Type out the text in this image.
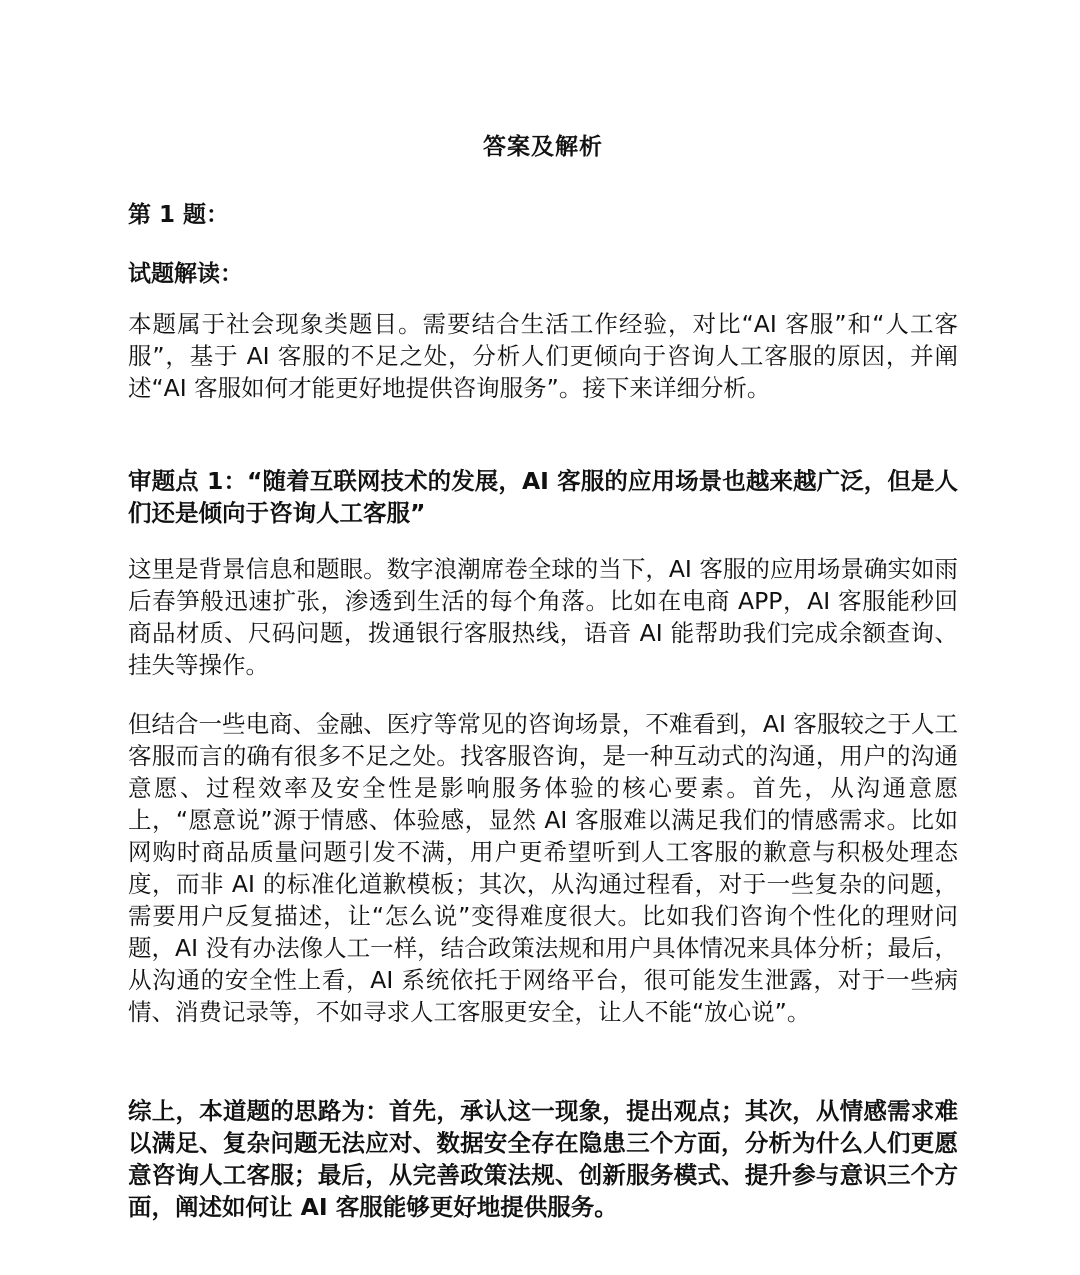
答案及解析
第 1 题：
试题解读：

本题属于社会现象类题目。需要结合生活工作经验，对比“AI 客服”和“人工客服”，基于 AI 客服的不足之处，分析人们更倾向于咨询人工客服的原因，并阐述“AI 客服如何才能更好地提供咨询服务”。接下来详细分析。

审题点 1：“随着互联网技术的发展，AI 客服的应用场景也越来越广泛，但是人们还是倾向于咨询人工客服”

这里是背景信息和题眼。数字浪潮席卷全球的当下，AI 客服的应用场景确实如雨后春笋般迅速扩张，渗透到生活的每个角落。比如在电商 APP，AI 客服能秒回商品材质、尺码问题，拨通银行客服热线，语音 AI 能帮助我们完成余额查询、挂失等操作。

但结合一些电商、金融、医疗等常见的咨询场景，不难看到，AI 客服较之于人工客服而言的确有很多不足之处。找客服咨询，是一种互动式的沟通，用户的沟通意愿、过程效率及安全性是影响服务体验的核心要素。首先，从沟通意愿上，“愿意说”源于情感、体验感，显然 AI 客服难以满足我们的情感需求。比如网购时商品质量问题引发不满，用户更希望听到人工客服的歉意与积极处理态度，而非 AI 的标准化道歉模板；其次，从沟通过程看，对于一些复杂的问题，需要用户反复描述，让“怎么说”变得难度很大。比如我们咨询个性化的理财问题，AI 没有办法像人工一样，结合政策法规和用户具体情况来具体分析；最后，从沟通的安全性上看，AI 系统依托于网络平台，很可能发生泄露，对于一些病情、消费记录等，不如寻求人工客服更安全，让人不能“放心说”。

综上，本道题的思路为：首先，承认这一现象，提出观点；其次，从情感需求难以满足、复杂问题无法应对、数据安全存在隐患三个方面，分析为什么人们更愿意咨询人工客服；最后，从完善政策法规、创新服务模式、提升参与意识三个方面，阐述如何让 AI 客服能够更好地提供服务。
